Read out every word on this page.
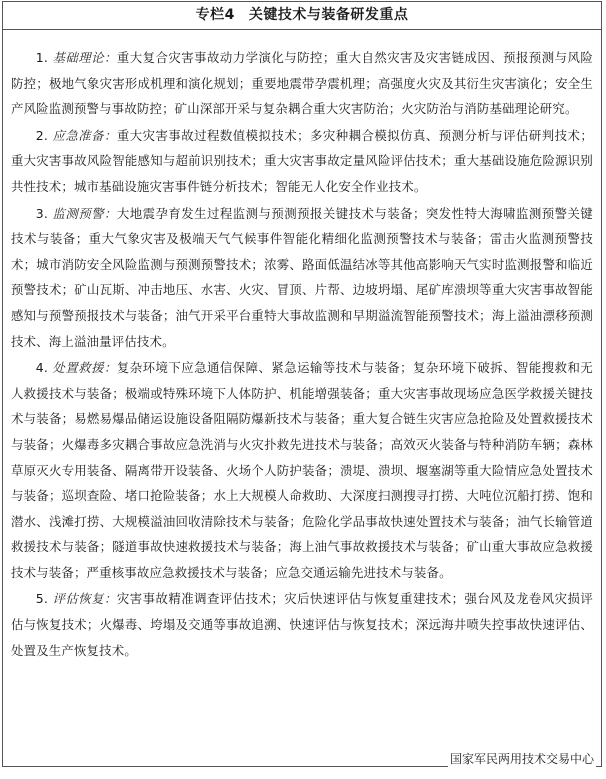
专栏4 关键技术与装备研发重点

1. 基础理论：重大复合灾害事故动力学演化与防控；重大自然灾害及灾害链成因、预报预测与风险防控；极地气象灾害形成机理和演化规划；重要地震带孕震机理；高强度火灾及其衍生灾害演化；安全生产风险监测预警与事故防控；矿山深部开采与复杂耦合重大灾害防治；火灾防治与消防基础理论研究。

2. 应急准备：重大灾害事故过程数值模拟技术；多灾种耦合模拟仿真、预测分析与评估研判技术；重大灾害事故风险智能感知与超前识别技术；重大灾害事故定量风险评估技术；重大基础设施危险源识别共性技术；城市基础设施灾害事件链分析技术；智能无人化安全作业技术。

3. 监测预警：大地震孕育发生过程监测与预测预报关键技术与装备；突发性特大海啸监测预警关键技术与装备；重大气象灾害及极端天气气候事件智能化精细化监测预警技术与装备；雷击火监测预警技术；城市消防安全风险监测与预测预警技术；浓雾、路面低温结冰等其他高影响天气实时监测报警和临近预警技术；矿山瓦斯、冲击地压、水害、火灾、冒顶、片帮、边坡坍塌、尾矿库溃坝等重大灾害事故智能感知与预警预报技术与装备；油气开采平台重特大事故监测和早期溢流智能预警技术；海上溢油漂移预测技术、海上溢油量评估技术。

4. 处置救援：复杂环境下应急通信保障、紧急运输等技术与装备；复杂环境下破拆、智能搜救和无人救援技术与装备；极端或特殊环境下人体防护、机能增强装备；重大灾害事故现场应急医学救援关键技术与装备；易燃易爆品储运设施设备阻隔防爆新技术与装备；重大复合链生灾害应急抢险及处置救援技术与装备；火爆毒多灾耦合事故应急洗消与火灾扑救先进技术与装备；高效灭火装备与特种消防车辆；森林草原灭火专用装备、隔离带开设装备、火场个人防护装备；溃堤、溃坝、堰塞湖等重大险情应急处置技术与装备；巡坝查险、堵口抢险装备；水上大规模人命救助、大深度扫测搜寻打捞、大吨位沉船打捞、饱和潜水、浅滩打捞、大规模溢油回收清除技术与装备；危险化学品事故快速处置技术与装备；油气长输管道救援技术与装备；隧道事故快速救援技术与装备；海上油气事故救援技术与装备；矿山重大事故应急救援技术与装备；严重核事故应急救援技术与装备；应急交通运输先进技术与装备。

5. 评估恢复：灾害事故精准调查评估技术；灾后快速评估与恢复重建技术；强台风及龙卷风灾损评估与恢复技术；火爆毒、垮塌及交通等事故追溯、快速评估与恢复技术；深远海井喷失控事故快速评估、处置及生产恢复技术。

国家军民两用技术交易中心
